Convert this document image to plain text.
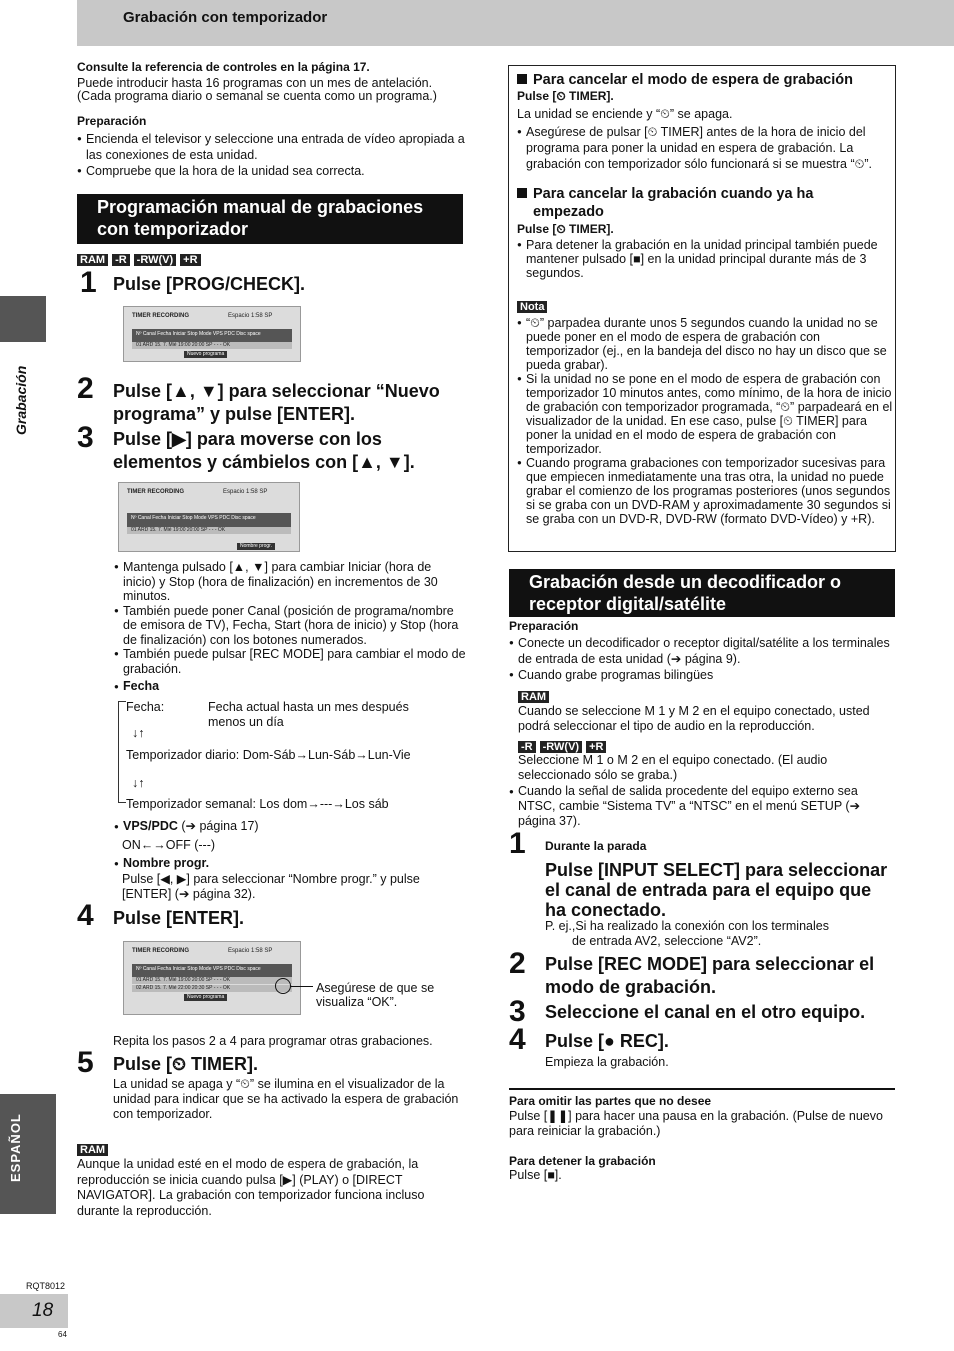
Grabación con temporizador
Grabación
ESPAÑOL
RQT8012
18
64
Consulte la referencia de controles en la página 17.
Puede introducir hasta 16 programas con un mes de antelación.
(Cada programa diario o semanal se cuenta como un programa.)
Preparación
● Encienda el televisor y seleccione una entrada de vídeo apropiada a las conexiones de esta unidad.
● Compruebe que la hora de la unidad sea correcta.
Programación manual de grabaciones con temporizador
RAM -R -RW(V) +R
1 Pulse [PROG/CHECK].
TIMER RECORDING	Espacio 1:58 SP
Nº Canal Fecha Iniciar Stop Mode VPS PDC Disc space
01 ARD 15. 7. Mié 19:00 20:00 SP - - - OK
Nuevo programa
2 Pulse [▲, ▼] para seleccionar “Nuevo programa” y pulse [ENTER].
3 Pulse [▶] para moverse con los elementos y cámbielos con [▲, ▼].
TIMER RECORDING	Espacio 1:58 SP
Nº Canal Fecha Iniciar Stop Mode VPS PDC Disc space
01 ARD 15. 7. Mié 19:00 20:00 SP - - - OK
Nombre progr.
● Mantenga pulsado [▲, ▼] para cambiar Iniciar (hora de inicio) y Stop (hora de finalización) en incrementos de 30 minutos.
● También puede poner Canal (posición de programa/nombre de emisora de TV), Fecha, Start (hora de inicio) y Stop (hora de finalización) con los botones numerados.
● También puede pulsar [REC MODE] para cambiar el modo de grabación.
● Fecha
Fecha:	Fecha actual hasta un mes después menos un día
↓↑
Temporizador diario: Dom-Sáb→Lun-Sáb→Lun-Vie
↓↑
Temporizador semanal: Los dom→---→Los sáb
● VPS/PDC (➔ página 17)
ON←→OFF (---)
● Nombre progr.
Pulse [◀, ▶] para seleccionar “Nombre progr.” y pulse [ENTER] (➔ página 32).
4 Pulse [ENTER].
TIMER RECORDING	Espacio 1:58 SP
Nº Canal Fecha Iniciar Stop Mode VPS PDC Disc space
01 ARD 15. 7. Mié 19:00 20:00 SP - - - OK
02 ARD 15. 7. Mié 22:00 20:30 SP - - - OK
Nuevo programa
Asegúrese de que se visualiza “OK”.
Repita los pasos 2 a 4 para programar otras grabaciones.
5 Pulse [⏲ TIMER].
La unidad se apaga y “⏲” se ilumina en el visualizador de la unidad para indicar que se ha activado la espera de grabación con temporizador.
RAM
Aunque la unidad esté en el modo de espera de grabación, la reproducción se inicia cuando pulsa [▶] (PLAY) o [DIRECT NAVIGATOR]. La grabación con temporizador funciona incluso durante la reproducción.
Para cancelar el modo de espera de grabación
Pulse [⏲ TIMER].
La unidad se enciende y “⏲” se apaga.
● Asegúrese de pulsar [⏲ TIMER] antes de la hora de inicio del programa para poner la unidad en espera de grabación. La grabación con temporizador sólo funcionará si se muestra “⏲”.
Para cancelar la grabación cuando ya ha empezado
Pulse [⏲ TIMER].
● Para detener la grabación en la unidad principal también puede mantener pulsado [■] en la unidad principal durante más de 3 segundos.
Nota
● “⏲” parpadea durante unos 5 segundos cuando la unidad no se puede poner en el modo de espera de grabación con temporizador (ej., en la bandeja del disco no hay un disco que se pueda grabar).
● Si la unidad no se pone en el modo de espera de grabación con temporizador 10 minutos antes, como mínimo, de la hora de inicio de grabación con temporizador programada, “⏲” parpadeará en el visualizador de la unidad. En ese caso, pulse [⏲ TIMER] para poner la unidad en el modo de espera de grabación con temporizador.
● Cuando programa grabaciones con temporizador sucesivas para que empiecen inmediatamente una tras otra, la unidad no puede grabar el comienzo de los programas posteriores (unos segundos si se graba con un DVD-RAM y aproximadamente 30 segundos si se graba con un DVD-R, DVD-RW (formato DVD-Vídeo) y +R).
Grabación desde un decodificador o receptor digital/satélite
Preparación
● Conecte un decodificador o receptor digital/satélite a los terminales de entrada de esta unidad (➔ página 9).
● Cuando grabe programas bilingües
RAM
Cuando se seleccione M 1 y M 2 en el equipo conectado, usted podrá seleccionar el tipo de audio en la reproducción.
-R -RW(V) +R
Seleccione M 1 o M 2 en el equipo conectado. (El audio seleccionado sólo se graba.)
● Cuando la señal de salida procedente del equipo externo sea NTSC, cambie “Sistema TV” a “NTSC” en el menú SETUP (➔ página 37).
1 Durante la parada
Pulse [INPUT SELECT] para seleccionar el canal de entrada para el equipo que ha conectado.
P. ej.,Si ha realizado la conexión con los terminales de entrada AV2, seleccione “AV2”.
2 Pulse [REC MODE] para seleccionar el modo de grabación.
3 Seleccione el canal en el otro equipo.
4 Pulse [● REC].
Empieza la grabación.
Para omitir las partes que no desee
Pulse [❚❚] para hacer una pausa en la grabación. (Pulse de nuevo para reiniciar la grabación.)
Para detener la grabación
Pulse [■].
